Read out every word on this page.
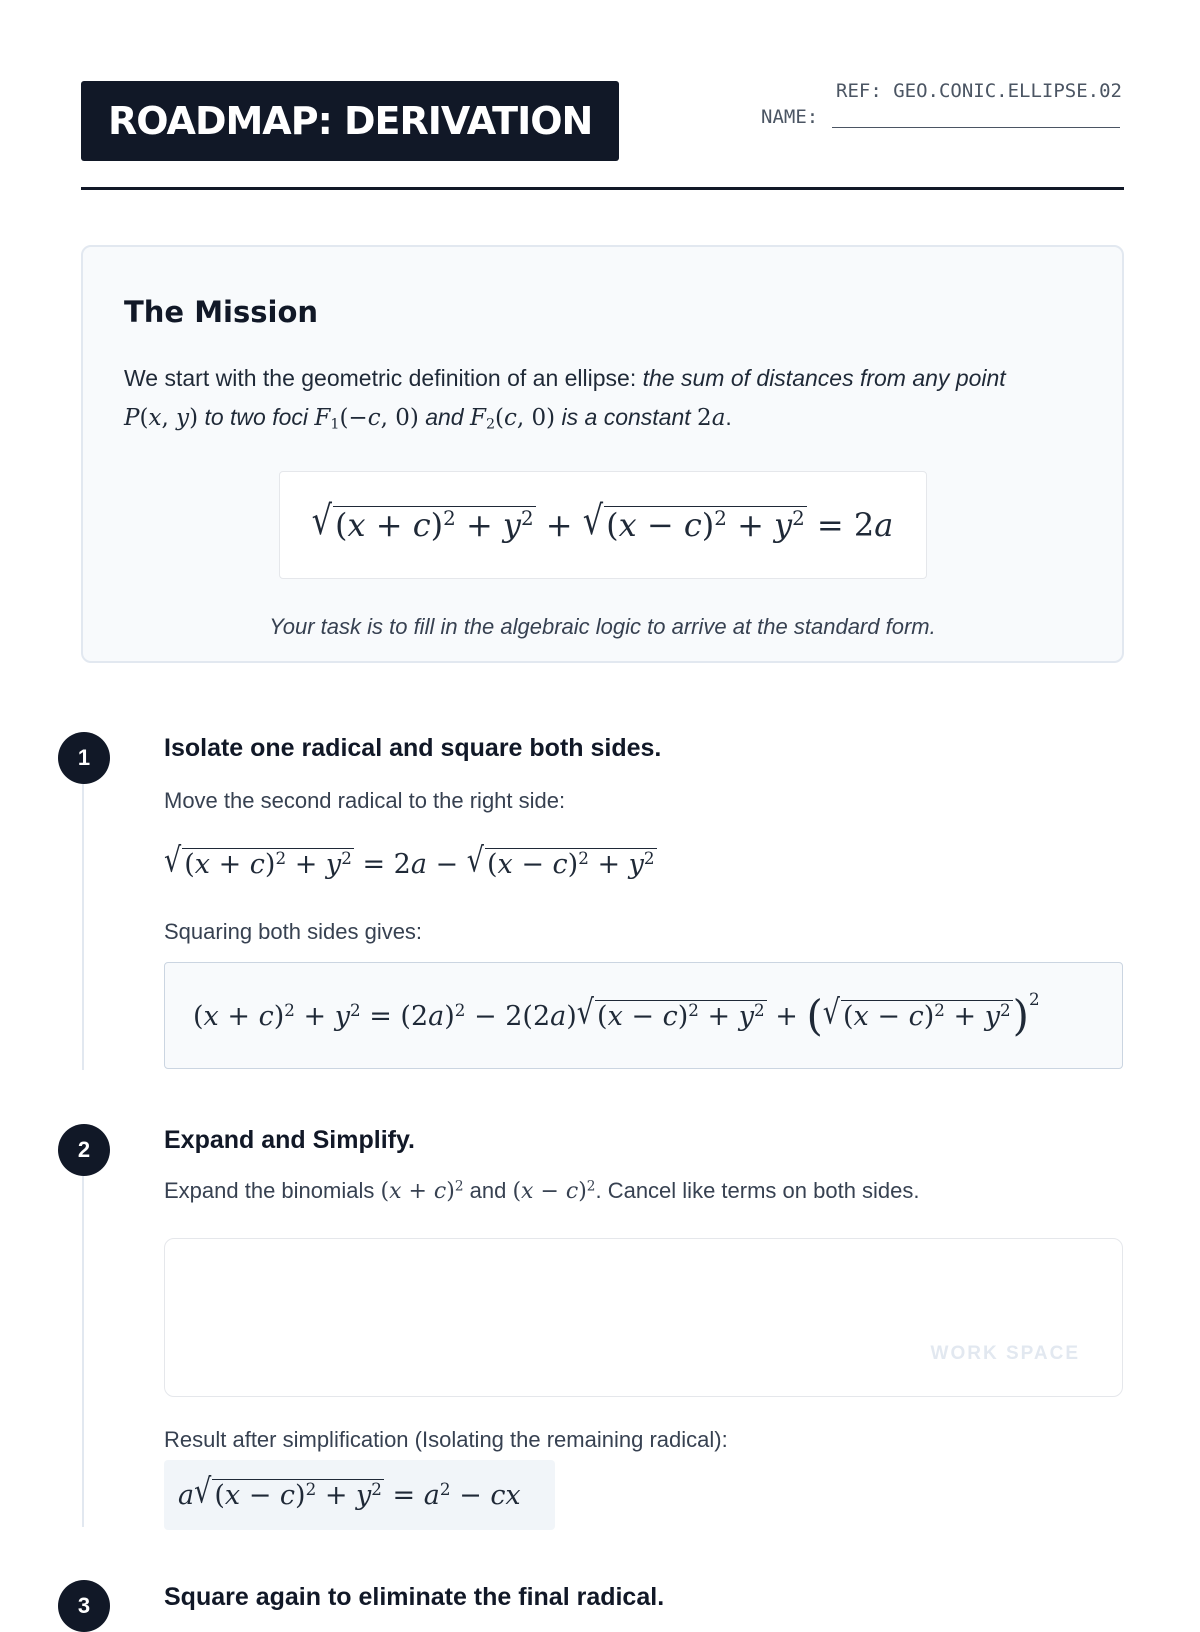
ROADMAP: DERIVATION
REF: GEO.CONIC.ELLIPSE.02
NAME:
The Mission

We start with the geometric definition of an ellipse: the sum of distances from any point
P(x, y) to two foci $F_1(-c$, 0) and $F_2(c$, 0) is a constant 2a.

$√(x + c)^2 + y^2 + √(x - c)^2 + y^2 = 2a$

Your task is to fill in the algebraic logic to arrive at the standard form.

1	Isolate one radical and square both sides.
Move the second radical to the right side:
√ $(x + c)^2 + y^2 = 2a$ − √ $(x - c)^2 + y^2$
Squaring both sides gives:
$(x + c)^2 + y^2 = (2a)^2 - 2(2a)√$ $(x - c)^2 + y^2$ + (√ $(x - c)^2 + y^2)^2$
2	Expand and Simplify.
Expand the binomials $(x + c)^2$ and $(x - c)^2$. Cancel like terms on both sides.
WORK SPACE
Result after simplification (Isolating the remaining radical):
a√ $(x - c)^2 + y^2 = a^2$ − cx
3	Square again to eliminate the final radical.
